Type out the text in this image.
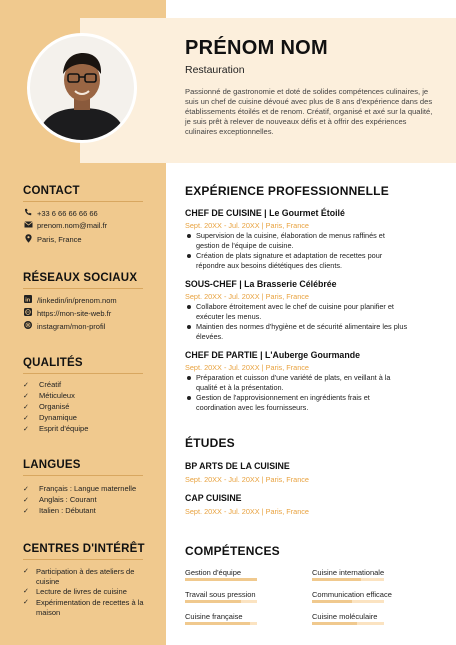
PRÉNOM NOM
Restauration
Passionné de gastronomie et doté de solides compétences culinaires, je suis un chef de cuisine dévoué avec plus de 8 ans d'expérience dans des établissements étoilés et de renom. Créatif, organisé et axé sur la qualité, je suis prêt à relever de nouveaux défis et à offrir des expériences culinaires exceptionnelles.
CONTACT
+33 6 66 66 66 66
prenom.nom@mail.fr
Paris, France
RÉSEAUX SOCIAUX
in /linkedin/in/prenom.nom
https://mon-site-web.fr
instagram/mon-profil
QUALITÉS
✓ Créatif
✓ Méticuleux
✓ Organisé
✓ Dynamique
✓ Esprit d'équipe
LANGUES
✓ Français : Langue maternelle
✓ Anglais : Courant
✓ Italien : Débutant
CENTRES D'INTÉRÊT
✓ Participation à des ateliers de cuisine
✓ Lecture de livres de cuisine
✓ Expérimentation de recettes à la maison
EXPÉRIENCE PROFESSIONNELLE
CHEF DE CUISINE | Le Gourmet Étoilé
Sept. 20XX - Jul. 20XX | Paris, France
Supervision de la cuisine, élaboration de menus raffinés et gestion de l'équipe de cuisine.
Création de plats signature et adaptation de recettes pour répondre aux besoins diététiques des clients.
SOUS-CHEF | La Brasserie Célébrée
Sept. 20XX - Jul. 20XX | Paris, France
Collabore étroitement avec le chef de cuisine pour planifier et exécuter les menus.
Maintien des normes d'hygiène et de sécurité alimentaire les plus élevées.
CHEF DE PARTIE | L'Auberge Gourmande
Sept. 20XX - Jul. 20XX | Paris, France
Préparation et cuisson d'une variété de plats, en veillant à la qualité et à la présentation.
Gestion de l'approvisionnement en ingrédients frais et coordination avec les fournisseurs.
ÉTUDES
BP ARTS DE LA CUISINE
Sept. 20XX - Jul. 20XX | Paris, France
CAP CUISINE
Sept. 20XX - Jul. 20XX | Paris, France
COMPÉTENCES
Gestion d'équipe	Cuisine internationale
Travail sous pression	Communication efficace
Cuisine française	Cuisine moléculaire
